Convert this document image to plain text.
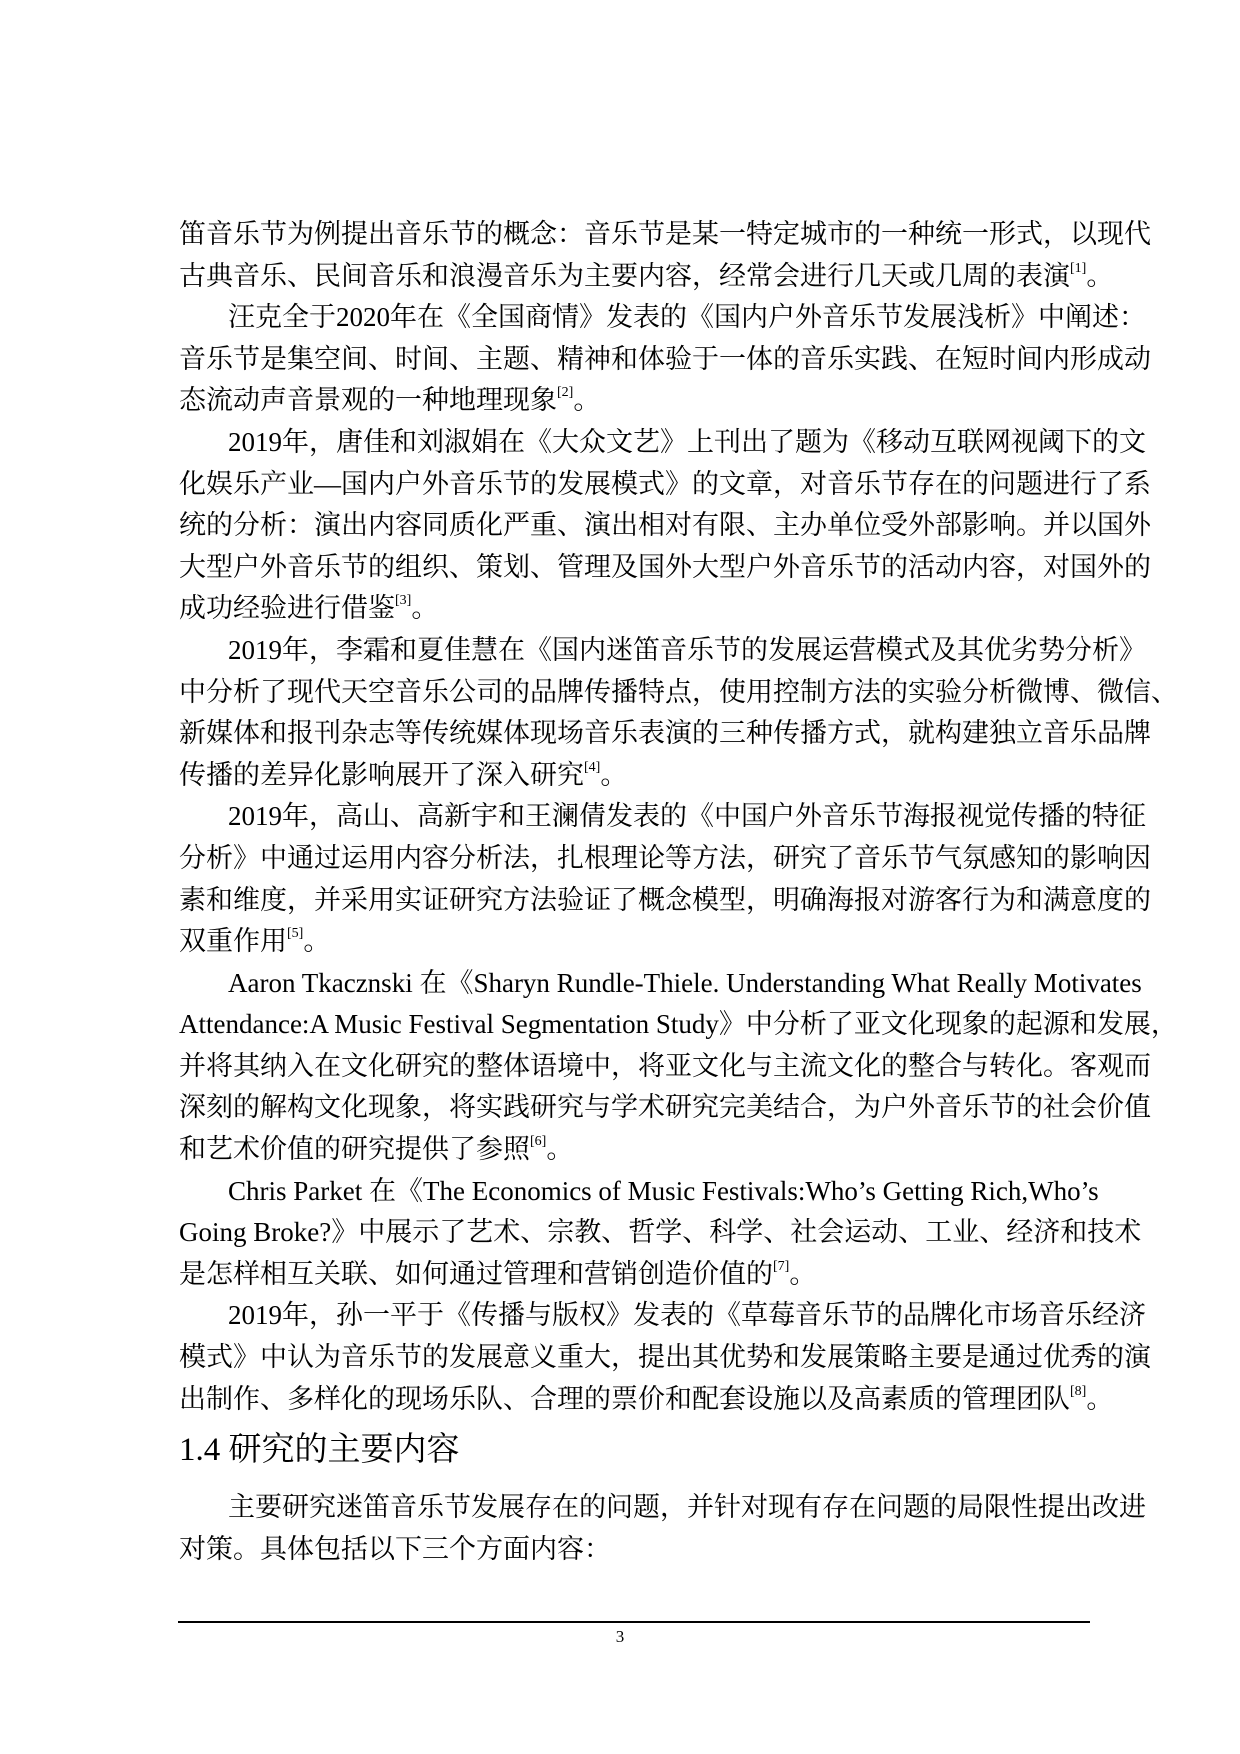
笛音乐节为例提出音乐节的概念：音乐节是某一特定城市的一种统一形式，以现代
古典音乐、民间音乐和浪漫音乐为主要内容，经常会进行几天或几周的表演[1]。
汪克全于2020年在《全国商情》发表的《国内户外音乐节发展浅析》中阐述：
音乐节是集空间、时间、主题、精神和体验于一体的音乐实践、在短时间内形成动
态流动声音景观的一种地理现象[2]。
2019年，唐佳和刘淑娟在《大众文艺》上刊出了题为《移动互联网视阈下的文
化娱乐产业—国内户外音乐节的发展模式》的文章，对音乐节存在的问题进行了系
统的分析：演出内容同质化严重、演出相对有限、主办单位受外部影响。并以国外
大型户外音乐节的组织、策划、管理及国外大型户外音乐节的活动内容，对国外的
成功经验进行借鉴[3]。
2019年，李霜和夏佳慧在《国内迷笛音乐节的发展运营模式及其优劣势分析》
中分析了现代天空音乐公司的品牌传播特点，使用控制方法的实验分析微博、微信、
新媒体和报刊杂志等传统媒体现场音乐表演的三种传播方式，就构建独立音乐品牌
传播的差异化影响展开了深入研究[4]。
2019年，高山、高新宇和王澜倩发表的《中国户外音乐节海报视觉传播的特征
分析》中通过运用内容分析法，扎根理论等方法，研究了音乐节气氛感知的影响因
素和维度，并采用实证研究方法验证了概念模型，明确海报对游客行为和满意度的
双重作用[5]。
Aaron Tkacznski 在《Sharyn Rundle-Thiele. Understanding What Really Motivates
Attendance:A Music Festival Segmentation Study》中分析了亚文化现象的起源和发展，
并将其纳入在文化研究的整体语境中，将亚文化与主流文化的整合与转化。客观而
深刻的解构文化现象，将实践研究与学术研究完美结合，为户外音乐节的社会价值
和艺术价值的研究提供了参照[6]。
Chris Parket 在《The Economics of Music Festivals:Who’s Getting Rich,Who’s
Going Broke?》中展示了艺术、宗教、哲学、科学、社会运动、工业、经济和技术
是怎样相互关联、如何通过管理和营销创造价值的[7]。
2019年，孙一平于《传播与版权》发表的《草莓音乐节的品牌化市场音乐经济
模式》中认为音乐节的发展意义重大，提出其优势和发展策略主要是通过优秀的演
出制作、多样化的现场乐队、合理的票价和配套设施以及高素质的管理团队[8]。
1.4 研究的主要内容
主要研究迷笛音乐节发展存在的问题，并针对现有存在问题的局限性提出改进
对策。具体包括以下三个方面内容：
3
